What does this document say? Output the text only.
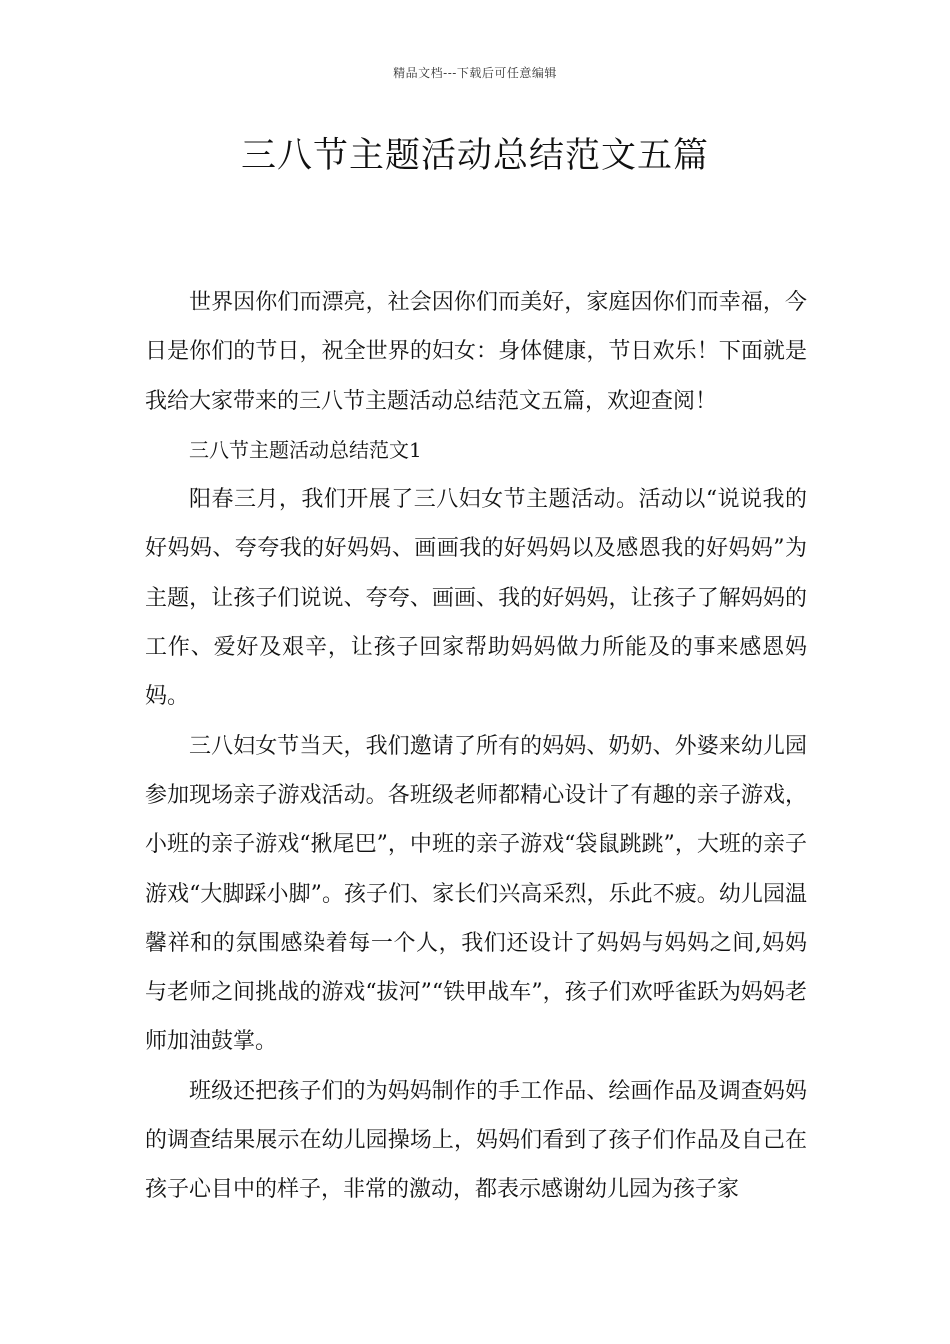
精品文档---下载后可任意编辑
三八节主题活动总结范文五篇

世界因你们而漂亮，社会因你们而美好，家庭因你们而幸福，今日是你们的节日，祝全世界的妇女：身体健康，节日欢乐！下面就是我给大家带来的三八节主题活动总结范文五篇，欢迎查阅！

三八节主题活动总结范文1

阳春三月，我们开展了三八妇女节主题活动。活动以“说说我的好妈妈、夸夸我的好妈妈、画画我的好妈妈以及感恩我的好妈妈”为主题，让孩子们说说、夸夸、画画、我的好妈妈，让孩子了解妈妈的工作、爱好及艰辛，让孩子回家帮助妈妈做力所能及的事来感恩妈妈。

三八妇女节当天，我们邀请了所有的妈妈、奶奶、外婆来幼儿园参加现场亲子游戏活动。各班级老师都精心设计了有趣的亲子游戏，小班的亲子游戏“揪尾巴”，中班的亲子游戏“袋鼠跳跳”，大班的亲子游戏“大脚踩小脚”。孩子们、家长们兴高采烈，乐此不疲。幼儿园温馨祥和的氛围感染着每一个人，我们还设计了妈妈与妈妈之间,妈妈与老师之间挑战的游戏“拔河”“铁甲战车”，孩子们欢呼雀跃为妈妈老师加油鼓掌。

班级还把孩子们的为妈妈制作的手工作品、绘画作品及调查妈妈的调查结果展示在幼儿园操场上，妈妈们看到了孩子们作品及自己在孩子心目中的样子，非常的激动，都表示感谢幼儿园为孩子家
